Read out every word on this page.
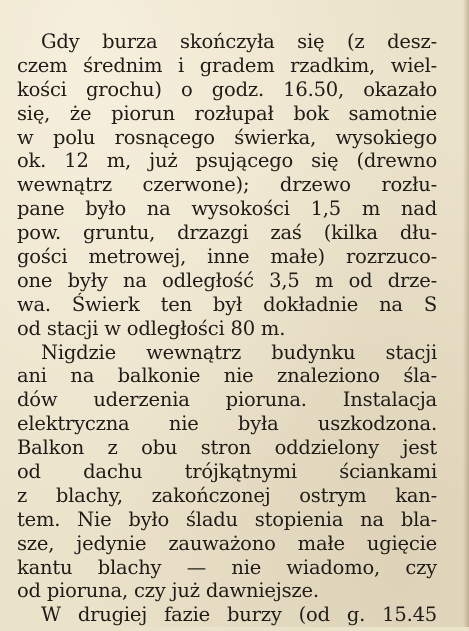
Gdy burza skończyła się (z desz-
czem średnim i gradem rzadkim, wiel-
kości grochu) o godz. 16.50, okazało
się, że piorun rozłupał bok samotnie
w polu rosnącego świerka, wysokiego
ok. 12 m, już psującego się (drewno
wewnątrz czerwone); drzewo rozłu-
pane było na wysokości 1,5 m nad
pow. gruntu, drzazgi zaś (kilka dłu-
gości metrowej, inne małe) rozrzuco-
one były na odległość 3,5 m od drze-
wa. Świerk ten był dokładnie na S
od stacji w odległości 80 m.
Nigdzie wewnątrz budynku stacji
ani na balkonie nie znaleziono śla-
dów uderzenia pioruna. Instalacja
elektryczna nie była uszkodzona.
Balkon z obu stron oddzielony jest
od dachu trójkątnymi ściankami
z blachy, zakończonej ostrym kan-
tem. Nie było śladu stopienia na bla-
sze, jedynie zauważono małe ugięcie
kantu blachy — nie wiadomo, czy
od pioruna, czy już dawniejsze.
W drugiej fazie burzy (od g. 15.45
